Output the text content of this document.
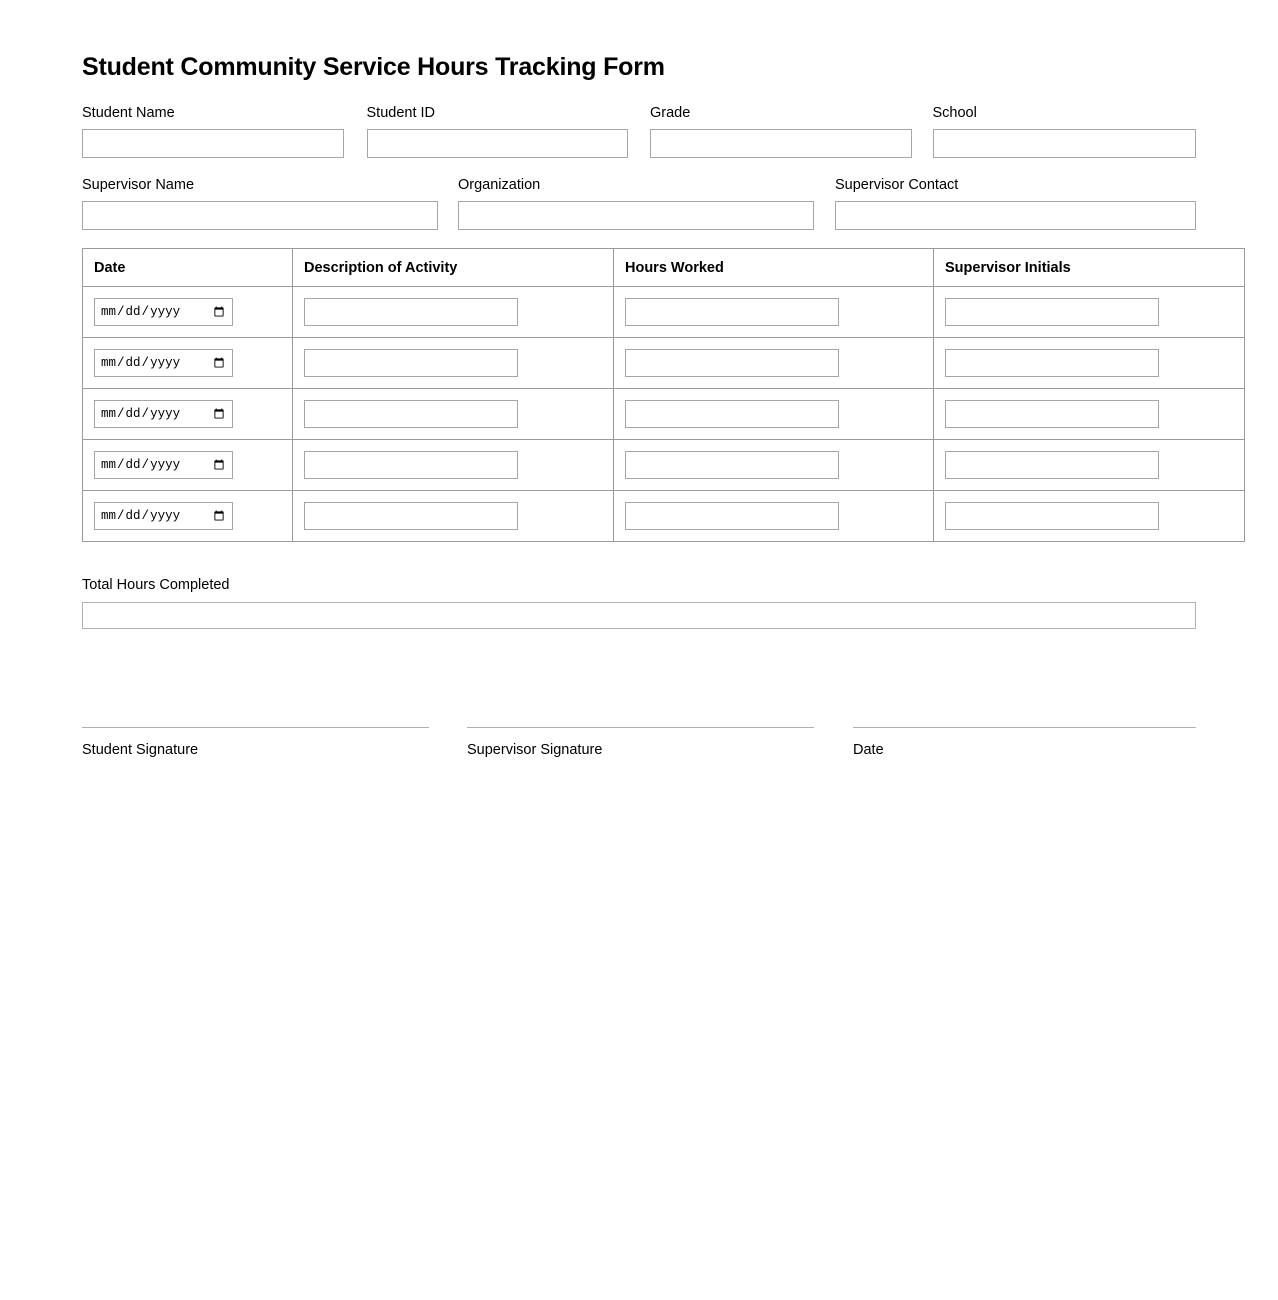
Student Community Service Hours Tracking Form
Student Name	Student ID	Grade	School
Supervisor Name	Organization	Supervisor Contact
Date	Description of Activity	Hours Worked	Supervisor Initials

Total Hours Completed
Student Signature	Supervisor Signature	Date
